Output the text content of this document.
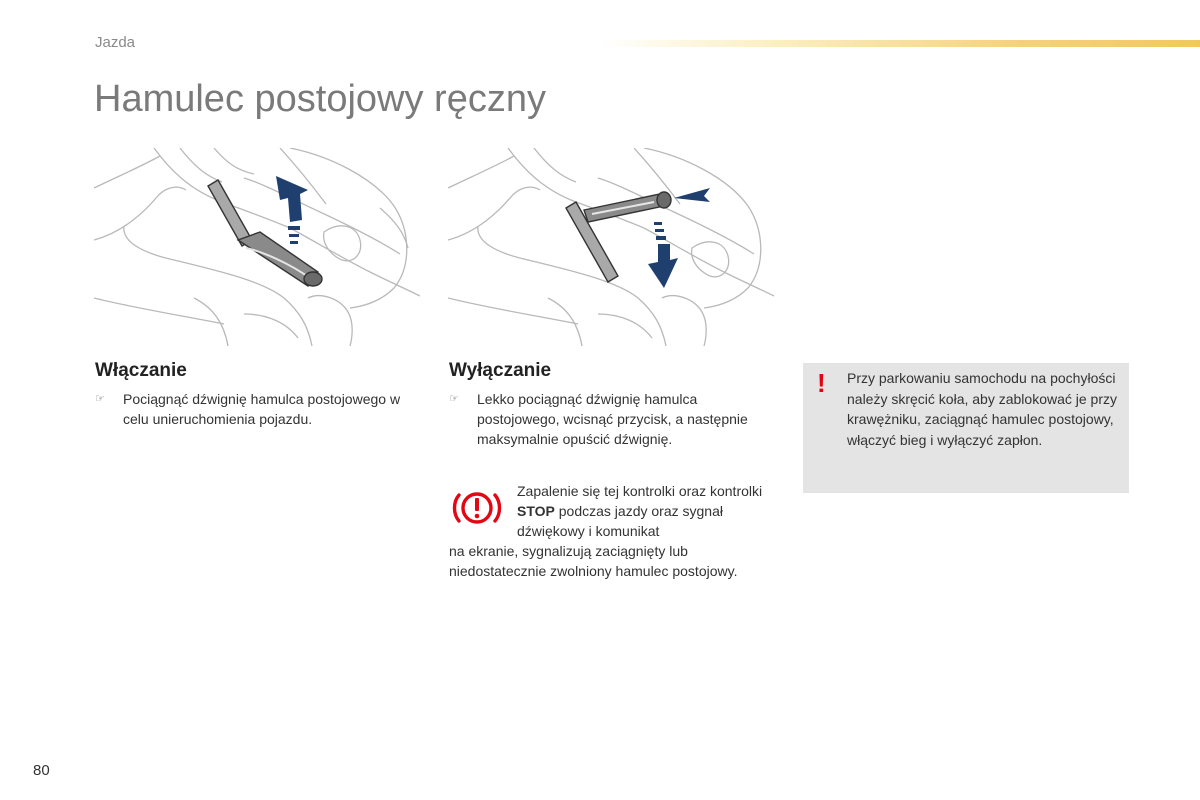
Jazda
Hamulec postojowy ręczny
Włączanie
☞ Pociągnąć dźwignię hamulca postojowego w celu unieruchomienia pojazdu.
Wyłączanie
☞ Lekko pociągnąć dźwignię hamulca postojowego, wcisnąć przycisk, a następnie maksymalnie opuścić dźwignię.
Zapalenie się tej kontrolki oraz kontrolki STOP podczas jazdy oraz sygnał dźwiękowy i komunikat
na ekranie, sygnalizują zaciągnięty lub niedostatecznie zwolniony hamulec postojowy.
! Przy parkowaniu samochodu na pochyłości należy skręcić koła, aby zablokować je przy krawężniku, zaciągnąć hamulec postojowy, włączyć bieg i wyłączyć zapłon.
80
